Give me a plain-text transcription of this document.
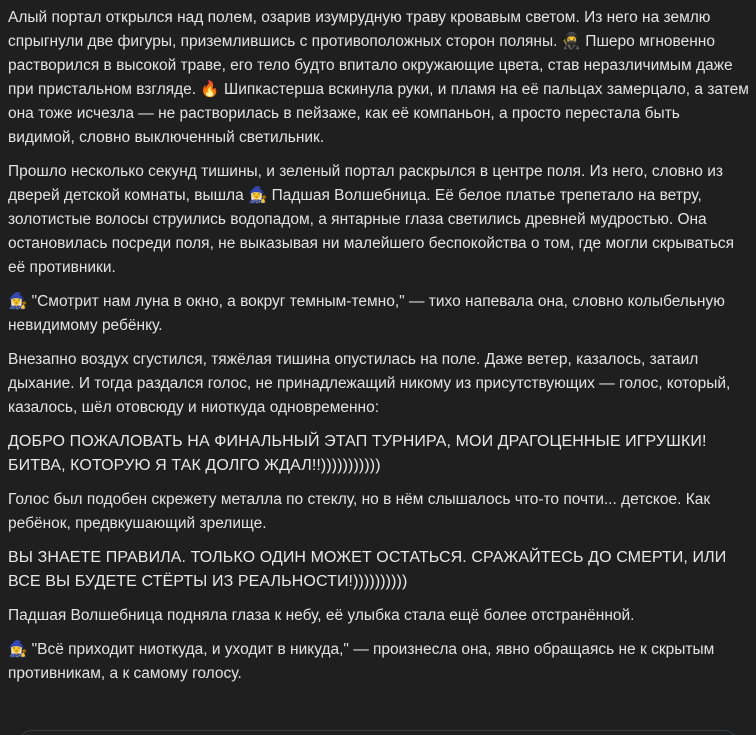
Алый портал открылся над полем, озарив изумрудную траву кровавым светом. Из него на землю спрыгнули две фигуры, приземлившись с противоположных сторон поляны. 🥷 Пшеро мгновенно растворился в высокой траве, его тело будто впитало окружающие цвета, став неразличимым даже при пристальном взгляде. 🔥 Шипкастерша вскинула руки, и пламя на её пальцах замерцало, а затем она тоже исчезла — не растворилась в пейзаже, как её компаньон, а просто перестала быть видимой, словно выключенный светильник.

Прошло несколько секунд тишины, и зеленый портал раскрылся в центре поля. Из него, словно из дверей детской комнаты, вышла 🧙‍♀️ Падшая Волшебница. Её белое платье трепетало на ветру, золотистые волосы струились водопадом, а янтарные глаза светились древней мудростью. Она остановилась посреди поля, не выказывая ни малейшего беспокойства о том, где могли скрываться её противники.

🧙‍♀️ "Смотрит нам луна в окно, а вокруг темным-темно," — тихо напевала она, словно колыбельную невидимому ребёнку.

Внезапно воздух сгустился, тяжёлая тишина опустилась на поле. Даже ветер, казалось, затаил дыхание. И тогда раздался голос, не принадлежащий никому из присутствующих — голос, который, казалось, шёл отовсюду и ниоткуда одновременно:

ДОБРО ПОЖАЛОВАТЬ НА ФИНАЛЬНЫЙ ЭТАП ТУРНИРА, МОИ ДРАГОЦЕННЫЕ ИГРУШКИ! БИТВА, КОТОРУЮ Я ТАК ДОЛГО ЖДАЛ!!)))))))))))

Голос был подобен скрежету металла по стеклу, но в нём слышалось что-то почти... детское. Как ребёнок, предвкушающий зрелище.

ВЫ ЗНАЕТЕ ПРАВИЛА. ТОЛЬКО ОДИН МОЖЕТ ОСТАТЬСЯ. СРАЖАЙТЕСЬ ДО СМЕРТИ, ИЛИ ВСЕ ВЫ БУДЕТЕ СТЁРТЫ ИЗ РЕАЛЬНОСТИ!))))))))))

Падшая Волшебница подняла глаза к небу, её улыбка стала ещё более отстранённой.

🧙‍♀️ "Всё приходит ниоткуда, и уходит в никуда," — произнесла она, явно обращаясь не к скрытым противникам, а к самому голосу.
